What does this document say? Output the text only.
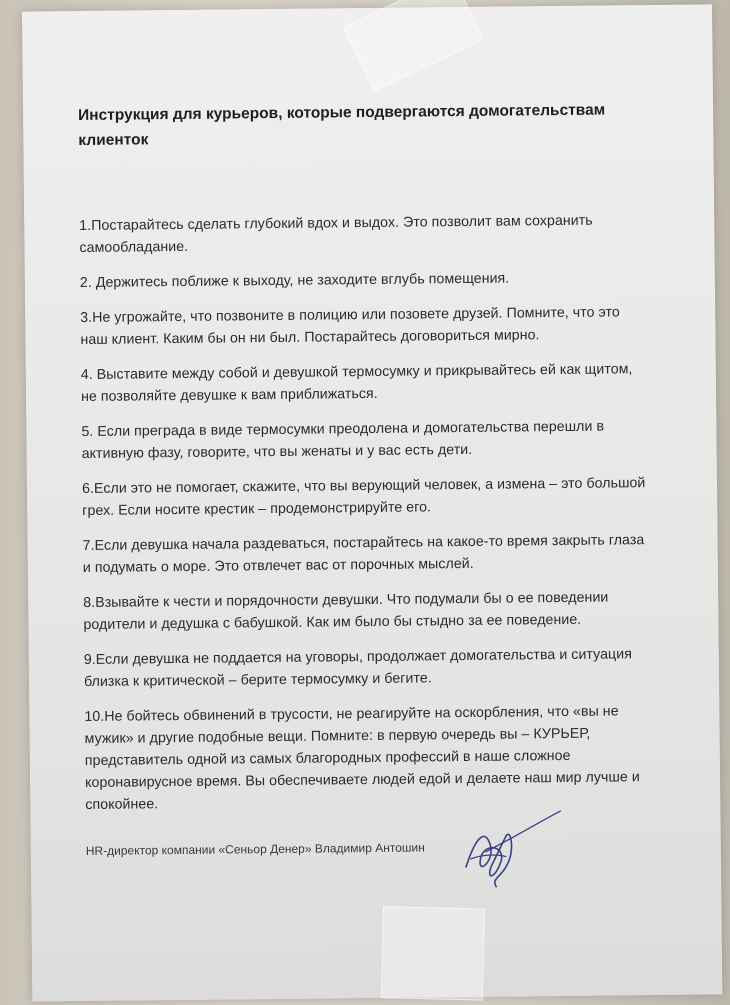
Инструкция для курьеров, которые подвергаются домогательствам клиенток
1.Постарайтесь сделать глубокий вдох и выдох. Это позволит вам сохранить самообладание.
2. Держитесь поближе к выходу, не заходите вглубь помещения.
3.Не угрожайте, что позвоните в полицию или позовете друзей. Помните, что это наш клиент. Каким бы он ни был. Постарайтесь договориться мирно.
4. Выставите между собой и девушкой термосумку и прикрывайтесь ей как щитом, не позволяйте девушке к вам приближаться.
5. Если преграда в виде термосумки преодолена и домогательства перешли в активную фазу, говорите, что вы женаты и у вас есть дети.
6.Если это не помогает, скажите, что вы верующий человек, а измена – это большой грех. Если носите крестик – продемонстрируйте его.
7.Если девушка начала раздеваться, постарайтесь на какое-то время закрыть глаза и подумать о море. Это отвлечет вас от порочных мыслей.
8.Взывайте к чести и порядочности девушки. Что подумали бы о ее поведении родители и дедушка с бабушкой. Как им было бы стыдно за ее поведение.
9.Если девушка не поддается на уговоры, продолжает домогательства и ситуация близка к критической – берите термосумку и бегите.
10.Не бойтесь обвинений в трусости, не реагируйте на оскорбления, что «вы не мужик» и другие подобные вещи. Помните: в первую очередь вы – КУРЬЕР, представитель одной из самых благородных профессий в наше сложное коронавирусное время. Вы обеспечиваете людей едой и делаете наш мир лучше и спокойнее.
HR-директор компании «Сеньор Денер» Владимир Антошин
